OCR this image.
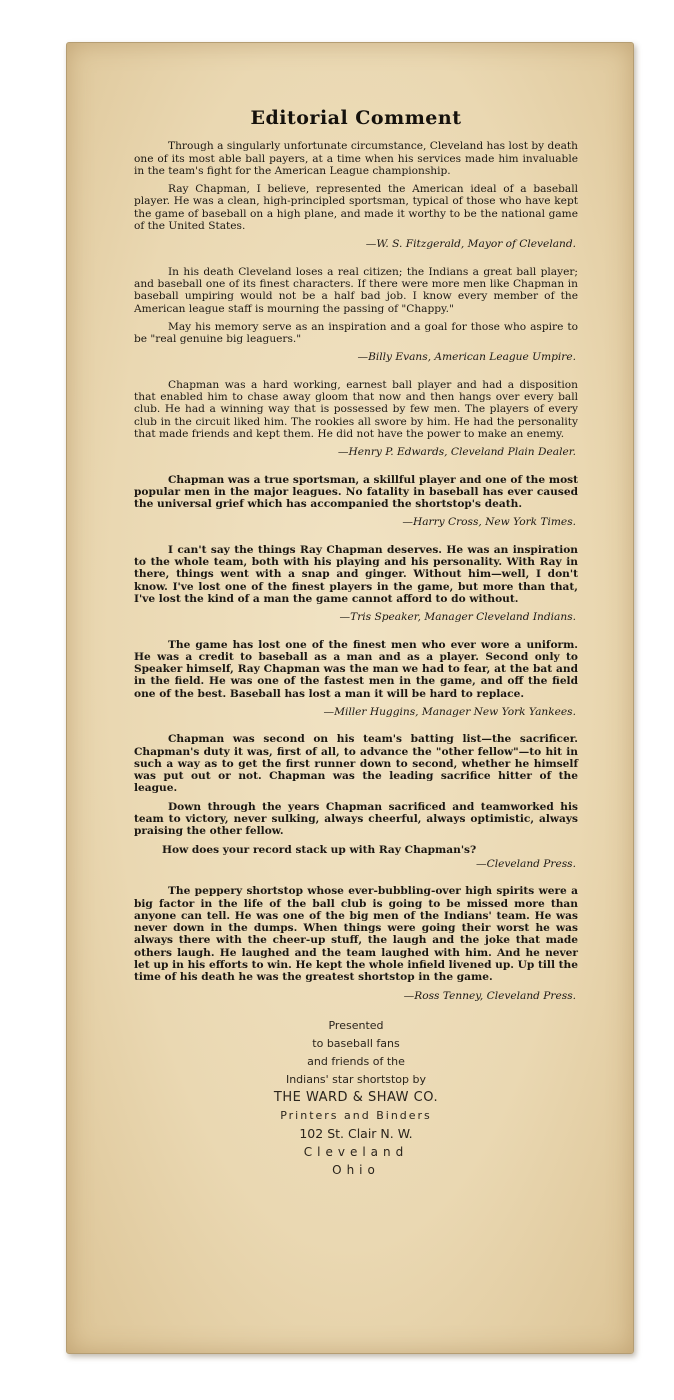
Editorial Comment

Through a singularly unfortunate circumstance, Cleveland has lost by death one of its most able ball payers, at a time when his services made him invaluable in the team's fight for the American League championship.

Ray Chapman, I believe, represented the American ideal of a baseball player. He was a clean, high-principled sportsman, typical of those who have kept the game of baseball on a high plane, and made it worthy to be the national game of the United States.

—W. S. Fitzgerald, Mayor of Cleveland.

In his death Cleveland loses a real citizen; the Indians a great ball player; and baseball one of its finest characters. If there were more men like Chapman in baseball umpiring would not be a half bad job. I know every member of the American league staff is mourning the passing of "Chappy."

May his memory serve as an inspiration and a goal for those who aspire to be "real genuine big leaguers."

—Billy Evans, American League Umpire.

Chapman was a hard working, earnest ball player and had a disposition that enabled him to chase away gloom that now and then hangs over every ball club. He had a winning way that is possessed by few men. The players of every club in the circuit liked him. The rookies all swore by him. He had the personality that made friends and kept them. He did not have the power to make an enemy.

—Henry P. Edwards, Cleveland Plain Dealer.

Chapman was a true sportsman, a skillful player and one of the most popular men in the major leagues. No fatality in baseball has ever caused the universal grief which has accompanied the shortstop's death.

—Harry Cross, New York Times.

I can't say the things Ray Chapman deserves. He was an inspiration to the whole team, both with his playing and his personality. With Ray in there, things went with a snap and ginger. Without him—well, I don't know. I've lost one of the finest players in the game, but more than that, I've lost the kind of a man the game cannot afford to do without.

—Tris Speaker, Manager Cleveland Indians.

The game has lost one of the finest men who ever wore a uniform. He was a credit to baseball as a man and as a player. Second only to Speaker himself, Ray Chapman was the man we had to fear, at the bat and in the field. He was one of the fastest men in the game, and off the field one of the best. Baseball has lost a man it will be hard to replace.

—Miller Huggins, Manager New York Yankees.

Chapman was second on his team's batting list—the sacrificer. Chapman's duty it was, first of all, to advance the "other fellow"—to hit in such a way as to get the first runner down to second, whether he himself was put out or not. Chapman was the leading sacrifice hitter of the league.

Down through the years Chapman sacrificed and teamworked his team to victory, never sulking, always cheerful, always optimistic, always praising the other fellow.

How does your record stack up with Ray Chapman's?

—Cleveland Press.

The peppery shortstop whose ever-bubbling-over high spirits were a big factor in the life of the ball club is going to be missed more than anyone can tell. He was one of the big men of the Indians' team. He was never down in the dumps. When things were going their worst he was always there with the cheer-up stuff, the laugh and the joke that made others laugh. He laughed and the team laughed with him. And he never let up in his efforts to win. He kept the whole infield livened up. Up till the time of his death he was the greatest shortstop in the game.

—Ross Tenney, Cleveland Press.

Presented
to baseball fans
and friends of the
Indians' star shortstop by
THE WARD & SHAW CO.
Printers and Binders
102 St. Clair N. W.
Cleveland
Ohio
